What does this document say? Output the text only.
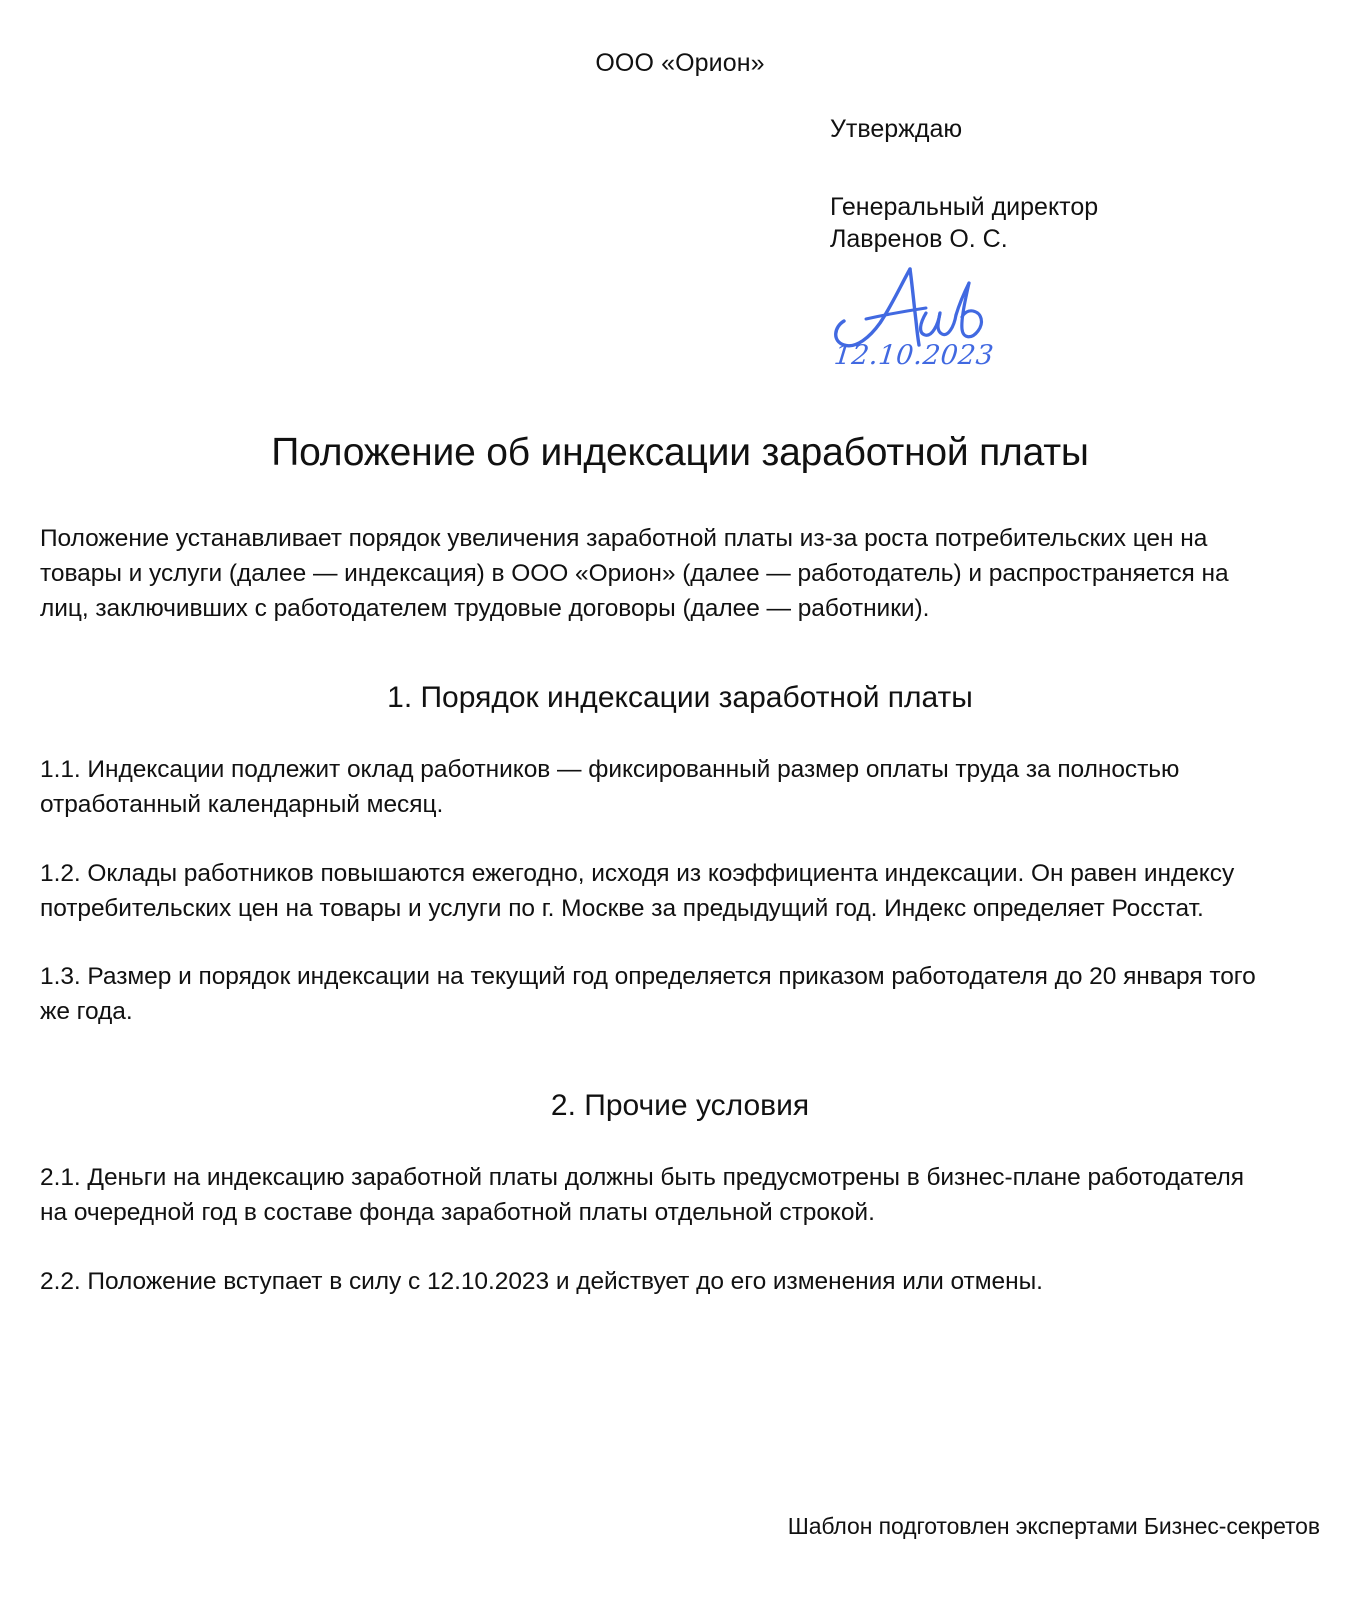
ООО «Орион»

Утверждаю

Генеральный директор

Лавренов О. С.

12.10.2023
Положение об индексации заработной платы

Положение устанавливает порядок увеличения заработной платы из-за роста потребительских цен на товары и услуги (далее — индексация) в ООО «Орион» (далее — работодатель) и распространяется на лиц, заключивших с работодателем трудовые договоры (далее — работники).

1. Порядок индексации заработной платы

1.1. Индексации подлежит оклад работников — фиксированный размер оплаты труда за полностью отработанный календарный месяц.

1.2. Оклады работников повышаются ежегодно, исходя из коэффициента индексации. Он равен индексу потребительских цен на товары и услуги по г. Москве за предыдущий год. Индекс определяет Росстат.

1.3. Размер и порядок индексации на текущий год определяется приказом работодателя до 20 января того же года.

2. Прочие условия

2.1. Деньги на индексацию заработной платы должны быть предусмотрены в бизнес-плане работодателя на очередной год в составе фонда заработной платы отдельной строкой.

2.2. Положение вступает в силу с 12.10.2023 и действует до его изменения или отмены.

Шаблон подготовлен экспертами Бизнес-секретов
